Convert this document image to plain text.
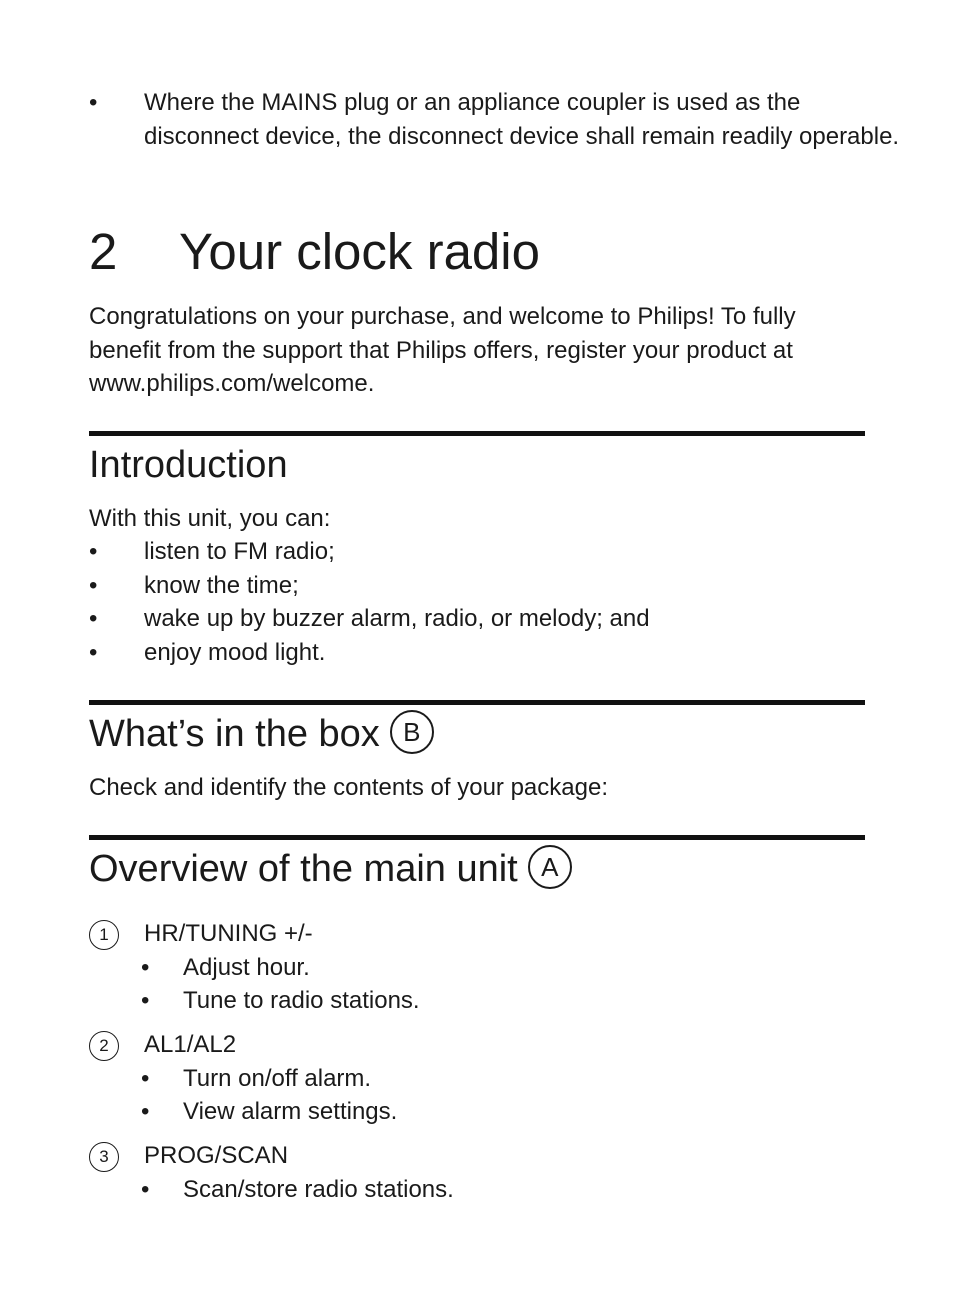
•	Where the MAINS plug or an appliance coupler is used as the disconnect device, the disconnect device shall remain readily operable.
2 Your clock radio
Congratulations on your purchase, and welcome to Philips! To fully benefit from the support that Philips offers, register your product at www.philips.com/welcome.
Introduction
With this unit, you can:
•	listen to FM radio;
•	know the time;
•	wake up by buzzer alarm, radio, or melody; and
•	enjoy mood light.
What’s in the box B
Check and identify the contents of your package:
Overview of the main unit A
1	HR/TUNING +/-
• Adjust hour.
• Tune to radio stations.
2	AL1/AL2
• Turn on/off alarm.
• View alarm settings.
3	PROG/SCAN
• Scan/store radio stations.
